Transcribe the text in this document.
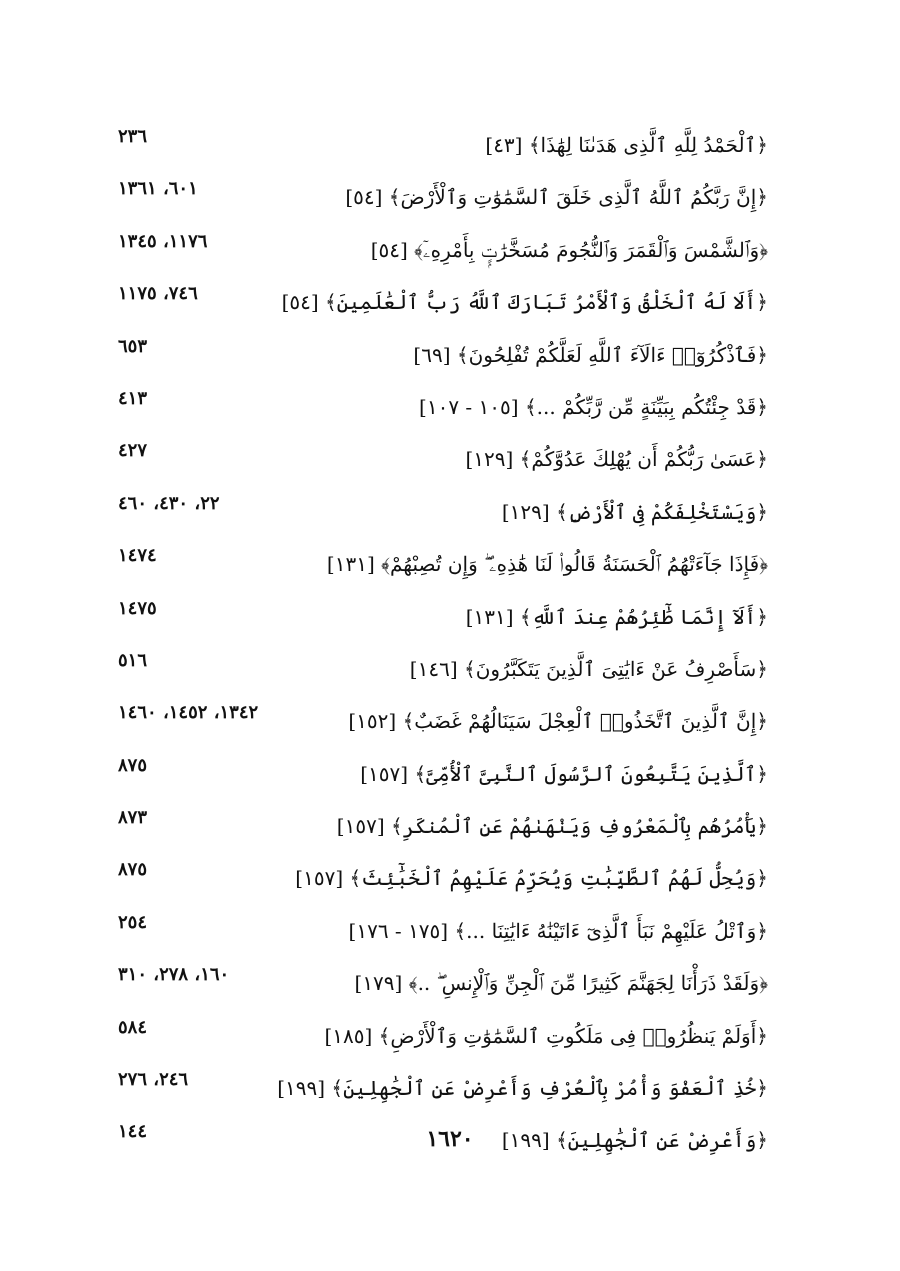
﴿ٱلْحَمْدُ لِلَّهِ ٱلَّذِى هَدَىٰنَا لِهَٰذَا﴾ [٤٣]
٢٣٦
﴿إِنَّ رَبَّكُمُ ٱللَّهُ ٱلَّذِى خَلَقَ ٱلسَّمَٰوَٰتِ وَٱلْأَرْضَ﴾ [٥٤]
٦٠١، ١٣٦١
﴿وَٱلشَّمْسَ وَٱلْقَمَرَ وَٱلنُّجُومَ مُسَخَّرَٰتٍۭ بِأَمْرِهِۦٓ﴾ [٥٤]
١١٧٦، ١٣٤٥
﴿أَلَا لَهُ ٱلْخَلْقُ وَٱلْأَمْرُ تَبَارَكَ ٱللَّهُ رَبُّ ٱلْعَٰلَمِينَ﴾ [٥٤]
٧٤٦، ١١٧٥
﴿فَٱذْكُرُوٓا۟ ءَالَآءَ ٱللَّهِ لَعَلَّكُمْ تُفْلِحُونَ﴾ [٦٩]
٦٥٣
﴿قَدْ جِئْتُكُم بِبَيِّنَةٍ مِّن رَّبِّكُمْ ...﴾ [١٠٥ - ١٠٧]
٤١٣
﴿عَسَىٰ رَبُّكُمْ أَن يُهْلِكَ عَدُوَّكُمْ﴾ [١٢٩]
٤٢٧
﴿وَيَسْتَخْلِفَكُمْ فِى ٱلْأَرْضِ﴾ [١٢٩]
٢٢، ٤٣٠، ٤٦٠
﴿فَإِذَا جَآءَتْهُمُ ٱلْحَسَنَةُ قَالُوا۟ لَنَا هَٰذِهِۦ ۖ وَإِن تُصِبْهُمْ﴾ [١٣١]
١٤٧٤
﴿أَلَآ إِنَّمَا طَٰٓئِرُهُمْ عِندَ ٱللَّهِ﴾ [١٣١]
١٤٧٥
﴿سَأَصْرِفُ عَنْ ءَايَٰتِىَ ٱلَّذِينَ يَتَكَبَّرُونَ﴾ [١٤٦]
٥١٦
﴿إِنَّ ٱلَّذِينَ ٱتَّخَذُوا۟ ٱلْعِجْلَ سَيَنَالُهُمْ غَضَبٌ﴾ [١٥٢]
١٣٤٢، ١٤٥٢، ١٤٦٠
﴿ٱلَّذِينَ يَتَّبِعُونَ ٱلرَّسُولَ ٱلنَّبِىَّ ٱلْأُمِّىَّ﴾ [١٥٧]
٨٧٥
﴿يَأْمُرُهُم بِٱلْمَعْرُوفِ وَيَنْهَىٰهُمْ عَنِ ٱلْمُنكَرِ﴾ [١٥٧]
٨٧٣
﴿وَيُحِلُّ لَهُمُ ٱلطَّيِّبَٰتِ وَيُحَرِّمُ عَلَيْهِمُ ٱلْخَبَٰٓئِثَ﴾ [١٥٧]
٨٧٥
﴿وَٱتْلُ عَلَيْهِمْ نَبَأَ ٱلَّذِىٓ ءَاتَيْنَٰهُ ءَايَٰتِنَا ...﴾ [١٧٥ - ١٧٦]
٢٥٤
﴿وَلَقَدْ ذَرَأْنَا لِجَهَنَّمَ كَثِيرًا مِّنَ ٱلْجِنِّ وَٱلْإِنسِ ۖ ..﴾ [١٧٩]
١٦٠، ٢٧٨، ٣١٠
﴿أَوَلَمْ يَنظُرُوا۟ فِى مَلَكُوتِ ٱلسَّمَٰوَٰتِ وَٱلْأَرْضِ﴾ [١٨٥]
٥٨٤
﴿خُذِ ٱلْعَفْوَ وَأْمُرْ بِٱلْعُرْفِ وَأَعْرِضْ عَنِ ٱلْجَٰهِلِينَ﴾ [١٩٩]
٢٤٦، ٢٧٦
﴿وَأَعْرِضْ عَنِ ٱلْجَٰهِلِينَ﴾ [١٩٩]
١٤٤	١٦٢٠
